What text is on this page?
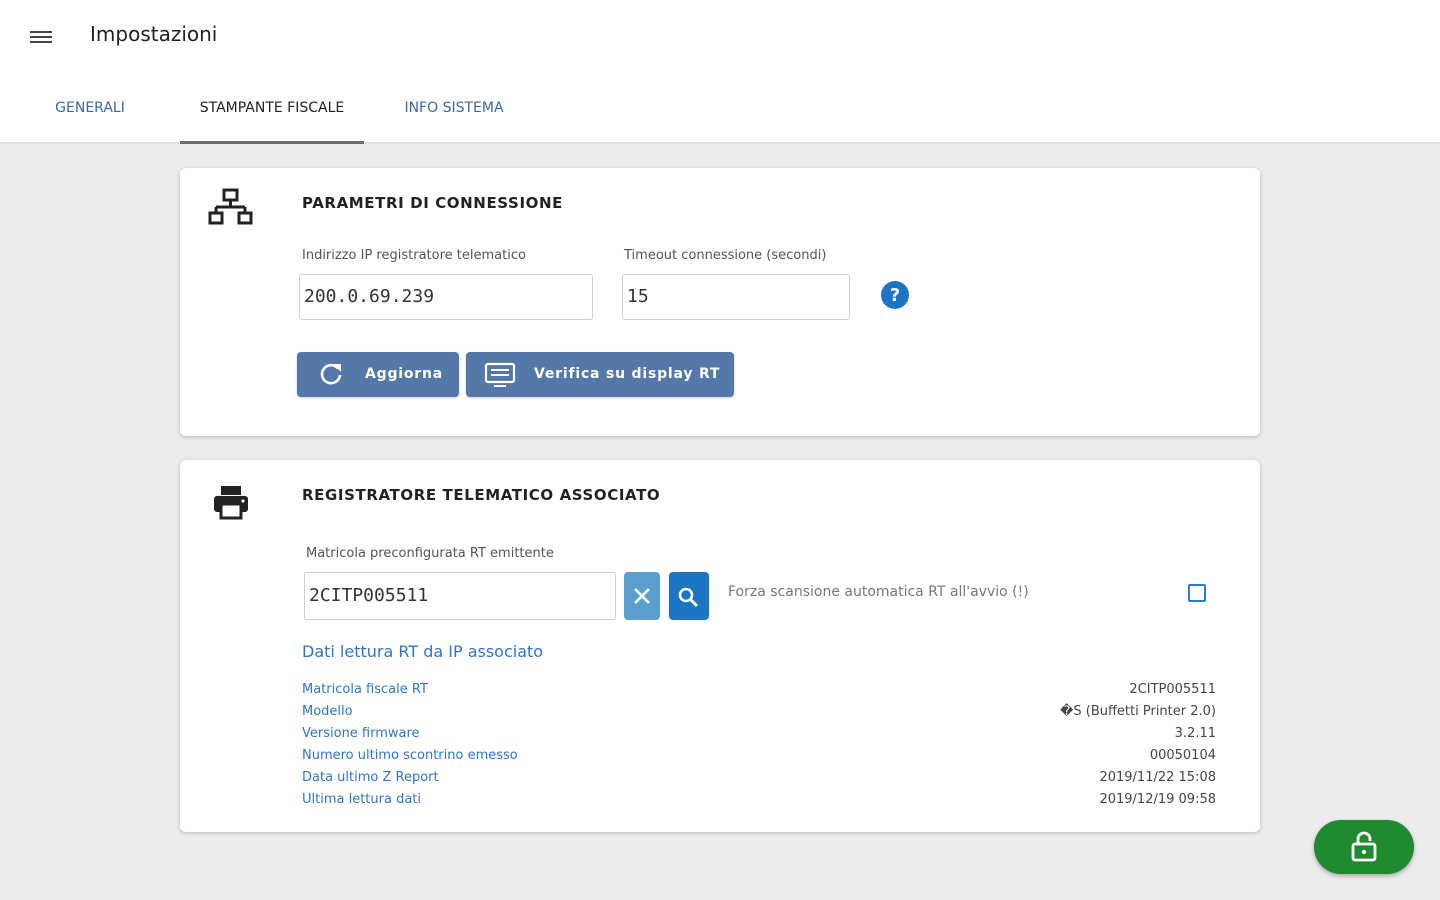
Impostazioni
GENERALI	STAMPANTE FISCALE	INFO SISTEMA
PARAMETRI DI CONNESSIONE
Indirizzo IP registratore telematico
200.0.69.239
Timeout connessione (secondi)
15	?
Aggiorna	Verifica su display RT
REGISTRATORE TELEMATICO ASSOCIATO
Matricola preconfigurata RT emittente
2CITP005511	Forza scansione automatica RT all'avvio (!)
Dati lettura RT da IP associato
Matricola fiscale RT	2CITP005511
Modello	�S (Buffetti Printer 2.0)
Versione firmware	3.2.11
Numero ultimo scontrino emesso	00050104
Data ultimo Z Report	2019/11/22 15:08
Ultima lettura dati	2019/12/19 09:58
